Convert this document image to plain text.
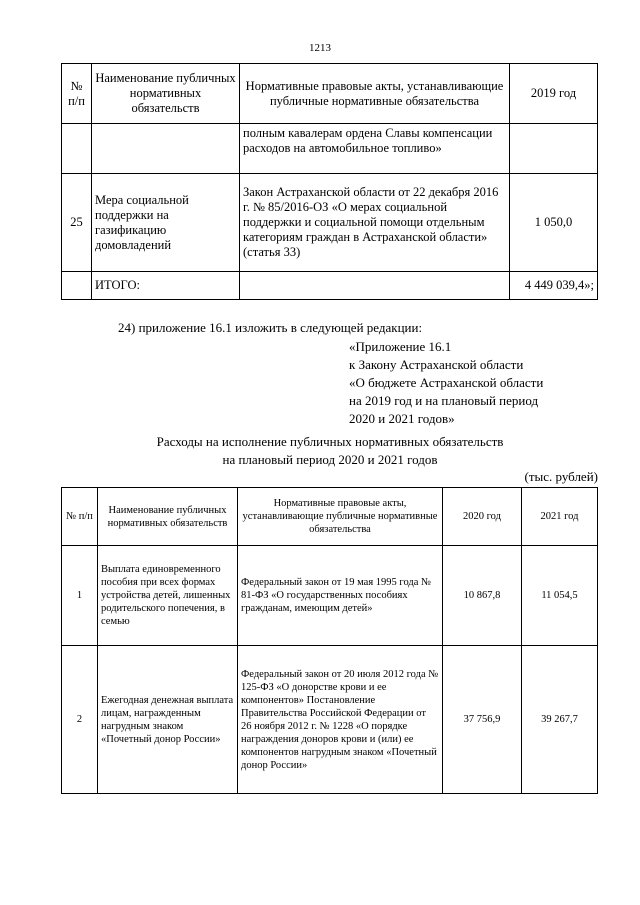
1213
№ п/п	Наименование публичных нормативных обязательств	Нормативные правовые акты, устанавливающие публичные нормативные обязательства	2019 год
		полным кавалерам ордена Славы компенсации расходов на автомобильное топливо»	
25	Мера социальной поддержки на газификацию домовладений	Закон Астраханской области от 22 декабря 2016 г. № 85/2016-ОЗ «О мерах социальной поддержки и социальной помощи отдельным категориям граждан в Астраханской области» (статья 33)	1 050,0
	ИТОГО:		4 449 039,4»;
24) приложение 16.1 изложить в следующей редакции:
«Приложение 16.1
к Закону Астраханской области
«О бюджете Астраханской области
на 2019 год и на плановый период
2020 и 2021 годов»
Расходы на исполнение публичных нормативных обязательств
на плановый период 2020 и 2021 годов
(тыс. рублей)
№ п/п	Наименование публичных нормативных обязательств	Нормативные правовые акты, устанавливающие публичные нормативные обязательства	2020 год	2021 год
1	Выплата единовременного пособия при всех формах устройства детей, лишенных родительского попечения, в семью	Федеральный закон от 19 мая 1995 года № 81-ФЗ «О государственных пособиях гражданам, имеющим детей»	10 867,8	11 054,5
2	Ежегодная денежная выплата лицам, награжденным нагрудным знаком «Почетный донор России»	Федеральный закон от 20 июля 2012 года № 125-ФЗ «О донорстве крови и ее компонентов» Постановление Правительства Российской Федерации от 26 ноября 2012 г. № 1228 «О порядке награждения доноров крови и (или) ее компонентов нагрудным знаком «Почетный донор России»	37 756,9	39 267,7
